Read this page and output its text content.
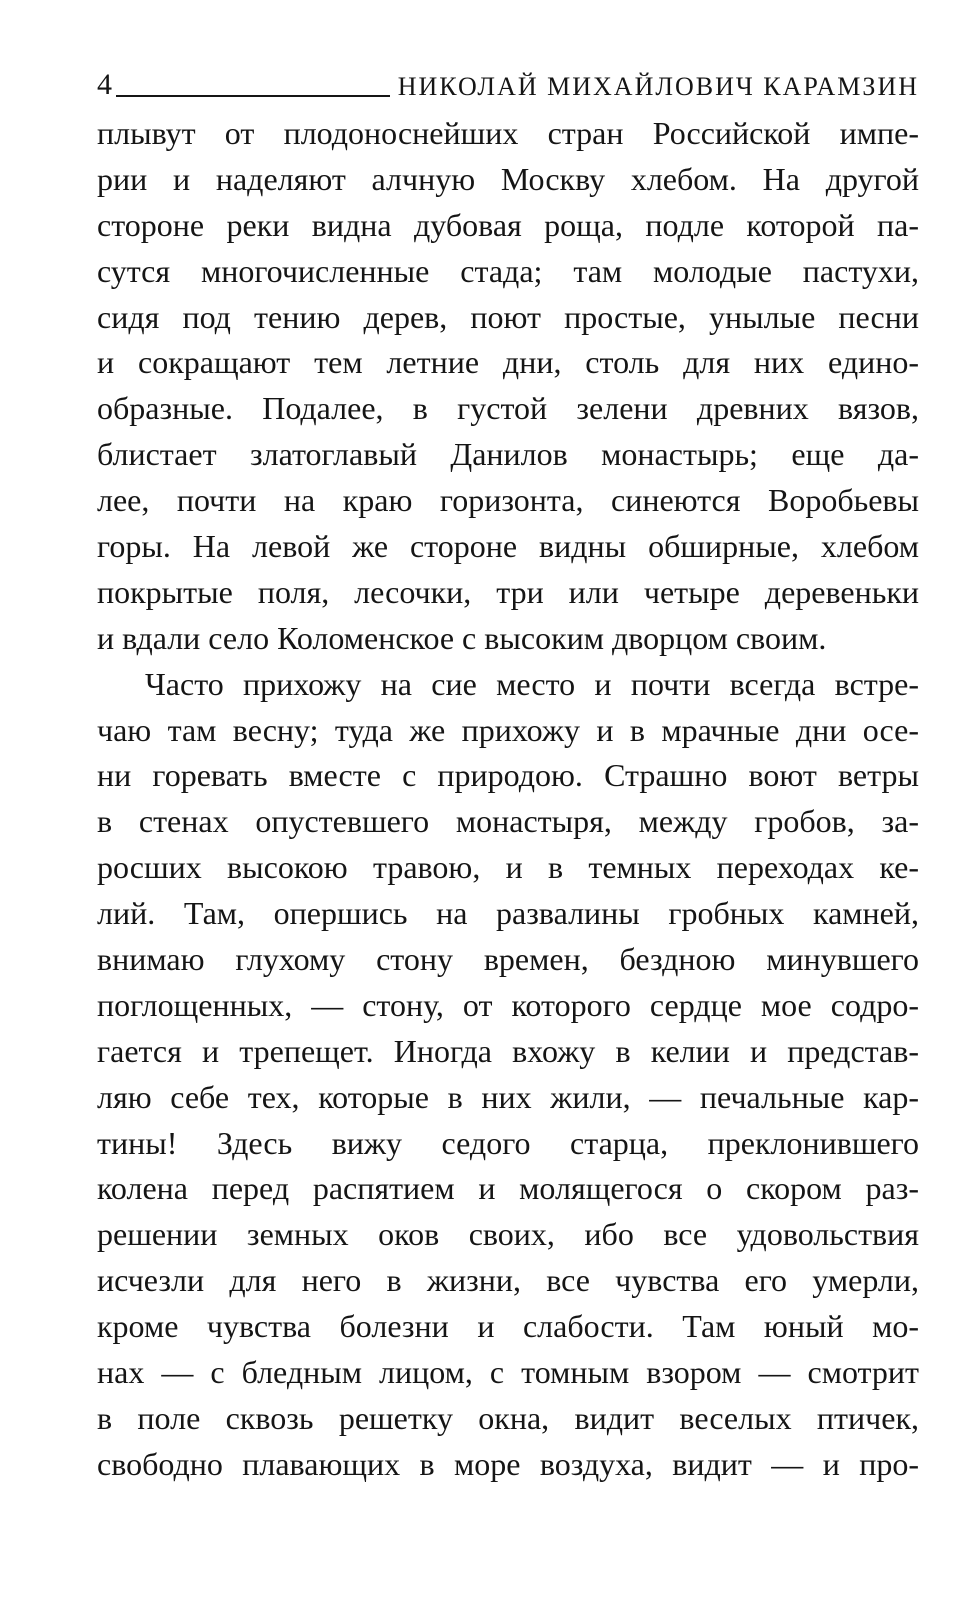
4	НИКОЛАЙ МИХАЙЛОВИЧ КАРАМЗИН
плывут от плодоноснейших стран Российской импе-
рии и наделяют алчную Москву хлебом. На другой
стороне реки видна дубовая роща, подле которой па-
сутся многочисленные стада; там молодые пастухи,
сидя под тению дерев, поют простые, унылые песни
и сокращают тем летние дни, столь для них едино-
образные. Подалее, в густой зелени древних вязов,
блистает златоглавый Данилов монастырь; еще да-
лее, почти на краю горизонта, синеются Воробьевы
горы. На левой же стороне видны обширные, хлебом
покрытые поля, лесочки, три или четыре деревеньки
и вдали село Коломенское с высоким дворцом своим.
Часто прихожу на сие место и почти всегда встре-
чаю там весну; туда же прихожу и в мрачные дни осе-
ни горевать вместе с природою. Страшно воют ветры
в стенах опустевшего монастыря, между гробов, за-
росших высокою травою, и в темных переходах ке-
лий. Там, опершись на развалины гробных камней,
внимаю глухому стону времен, бездною минувшего
поглощенных, — стону, от которого сердце мое содро-
гается и трепещет. Иногда вхожу в келии и представ-
ляю себе тех, которые в них жили, — печальные кар-
тины! Здесь вижу седого старца, преклонившего
колена перед распятием и молящегося о скором раз-
решении земных оков своих, ибо все удовольствия
исчезли для него в жизни, все чувства его умерли,
кроме чувства болезни и слабости. Там юный мо-
нах — с бледным лицом, с томным взором — смотрит
в поле сквозь решетку окна, видит веселых птичек,
свободно плавающих в море воздуха, видит — и про-
